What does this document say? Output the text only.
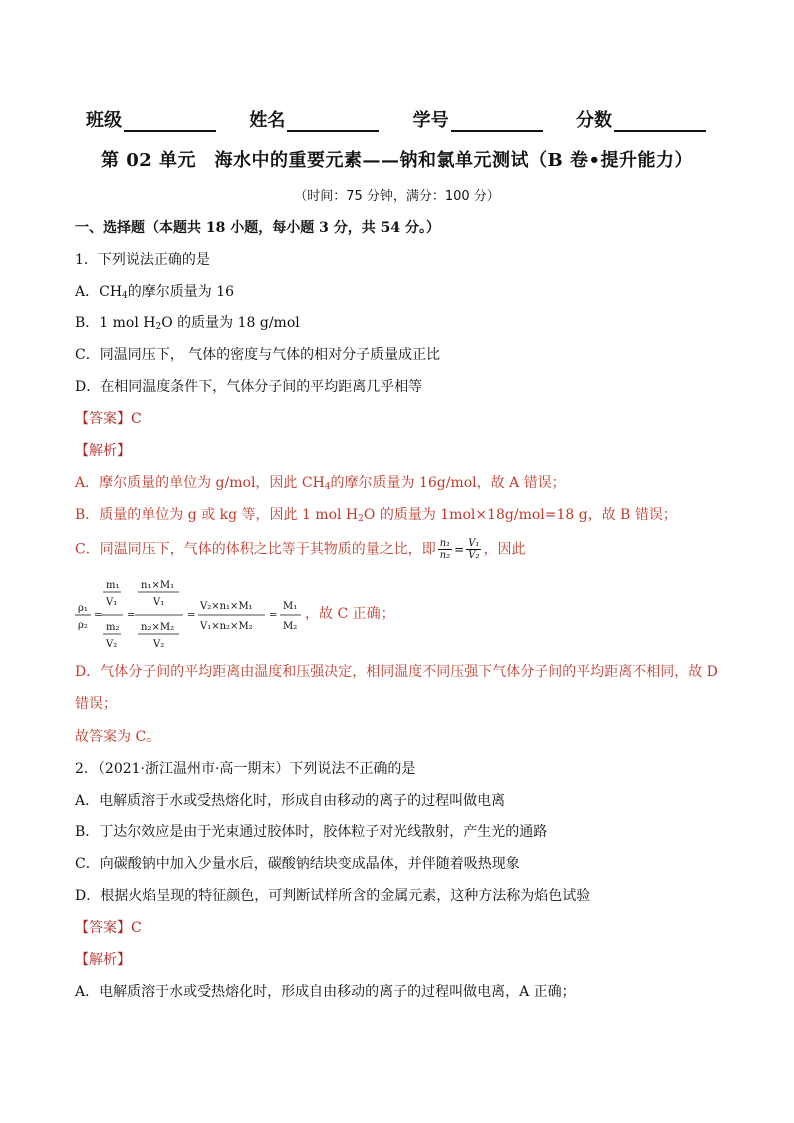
班级	姓名	学号	分数
第 02 单元　海水中的重要元素——钠和氯单元测试（B 卷•提升能力）
（时间：75 分钟，满分：100 分）
一、选择题（本题共 18 小题，每小题 3 分，共 54 分。）
1．下列说法正确的是
A．$CH_4$的摩尔质量为 16
B．1 mol $H_2O$ 的质量为 18 g/mol
C．同温同压下， 气体的密度与气体的相对分子质量成正比
D．在相同温度条件下，气体分子间的平均距离几乎相等
【答案】C
【解析】
A．摩尔质量的单位为 g/mol，因此 $CH_4$的摩尔质量为 16g/mol，故 A 错误；
B．质量的单位为 g 或 kg 等，因此 1 mol $H_2O$ 的质量为 1mol×18g/mol=18 g，故 B 错误；
C．同温同压下，气体的体积之比等于其物质的量之比，即 $\frac{\text{n₁}}{\text{n₂}} = \frac{\text{V₁}}{\text{V₂}}$ ，因此
ρ₁
ρ₂
=
m₁
V₁
m₂
V₂
=
n₁×M₁
V₁
n₂×M₂
V₂
=
V₂×n₁×M₁
V₁×n₂×M₂
=
M₁
M₂
，故 C 正确；
D．气体分子间的平均距离由温度和压强决定，相同温度不同压强下气体分子间的平均距离不相同，故 D
错误；
故答案为 C。
2．（2021·浙江温州市·高一期末）下列说法不正确的是
A．电解质溶于水或受热熔化时，形成自由移动的离子的过程叫做电离
B．丁达尔效应是由于光束通过胶体时，胶体粒子对光线散射，产生光的通路
C．向碳酸钠中加入少量水后，碳酸钠结块变成晶体，并伴随着吸热现象
D．根据火焰呈现的特征颜色，可判断试样所含的金属元素，这种方法称为焰色试验
【答案】C
【解析】
A．电解质溶于水或受热熔化时，形成自由移动的离子的过程叫做电离，A 正确；
